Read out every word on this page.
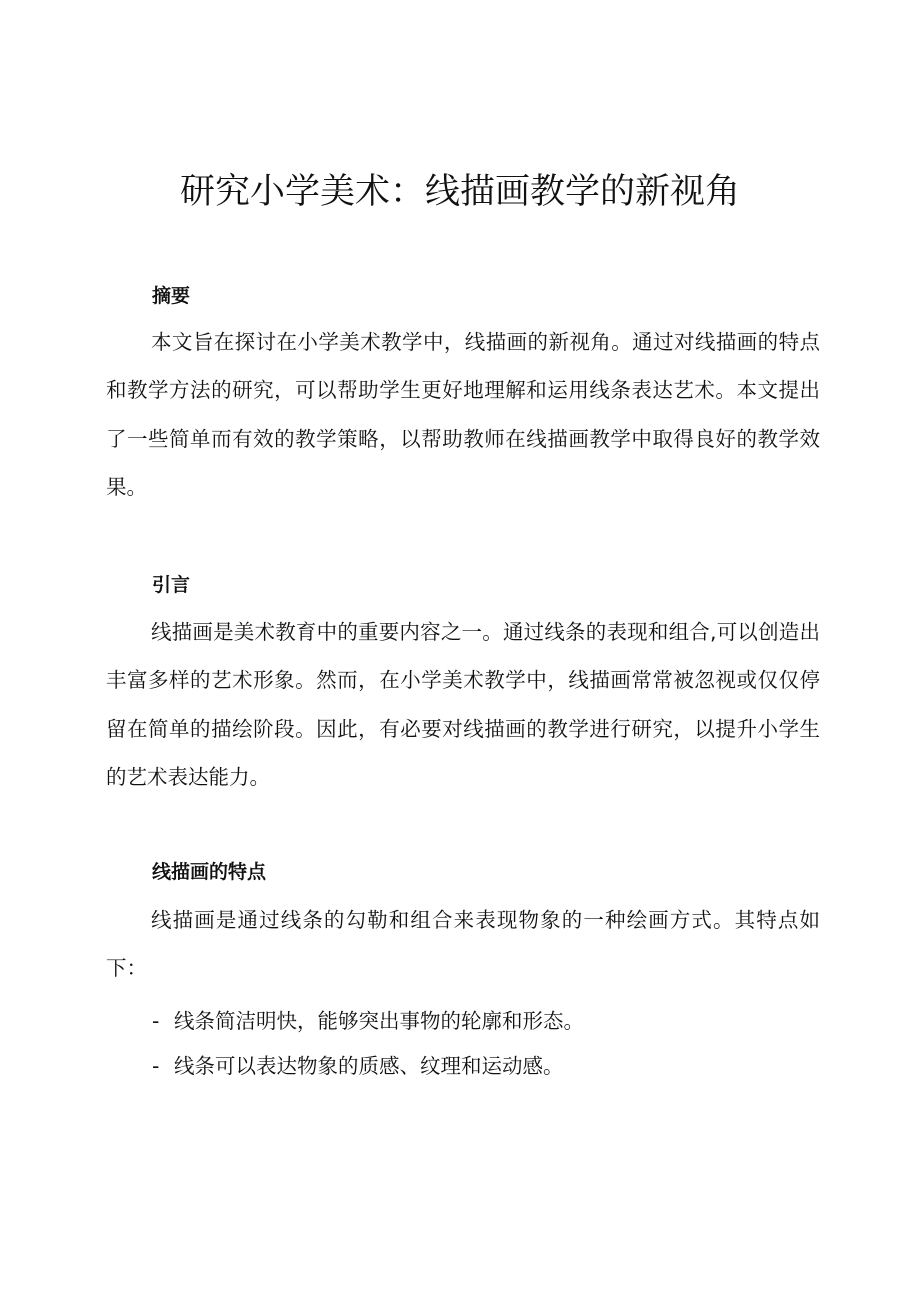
研究小学美术：线描画教学的新视角
摘要

本文旨在探讨在小学美术教学中，线描画的新视角。通过对线描画的特点和教学方法的研究，可以帮助学生更好地理解和运用线条表达艺术。本文提出了一些简单而有效的教学策略，以帮助教师在线描画教学中取得良好的教学效果。

引言

线描画是美术教育中的重要内容之一。通过线条的表现和组合,可以创造出丰富多样的艺术形象。然而，在小学美术教学中，线描画常常被忽视或仅仅停留在简单的描绘阶段。因此，有必要对线描画的教学进行研究，以提升小学生的艺术表达能力。

线描画的特点

线描画是通过线条的勾勒和组合来表现物象的一种绘画方式。其特点如下：

- 线条简洁明快，能够突出事物的轮廓和形态。

- 线条可以表达物象的质感、纹理和运动感。
